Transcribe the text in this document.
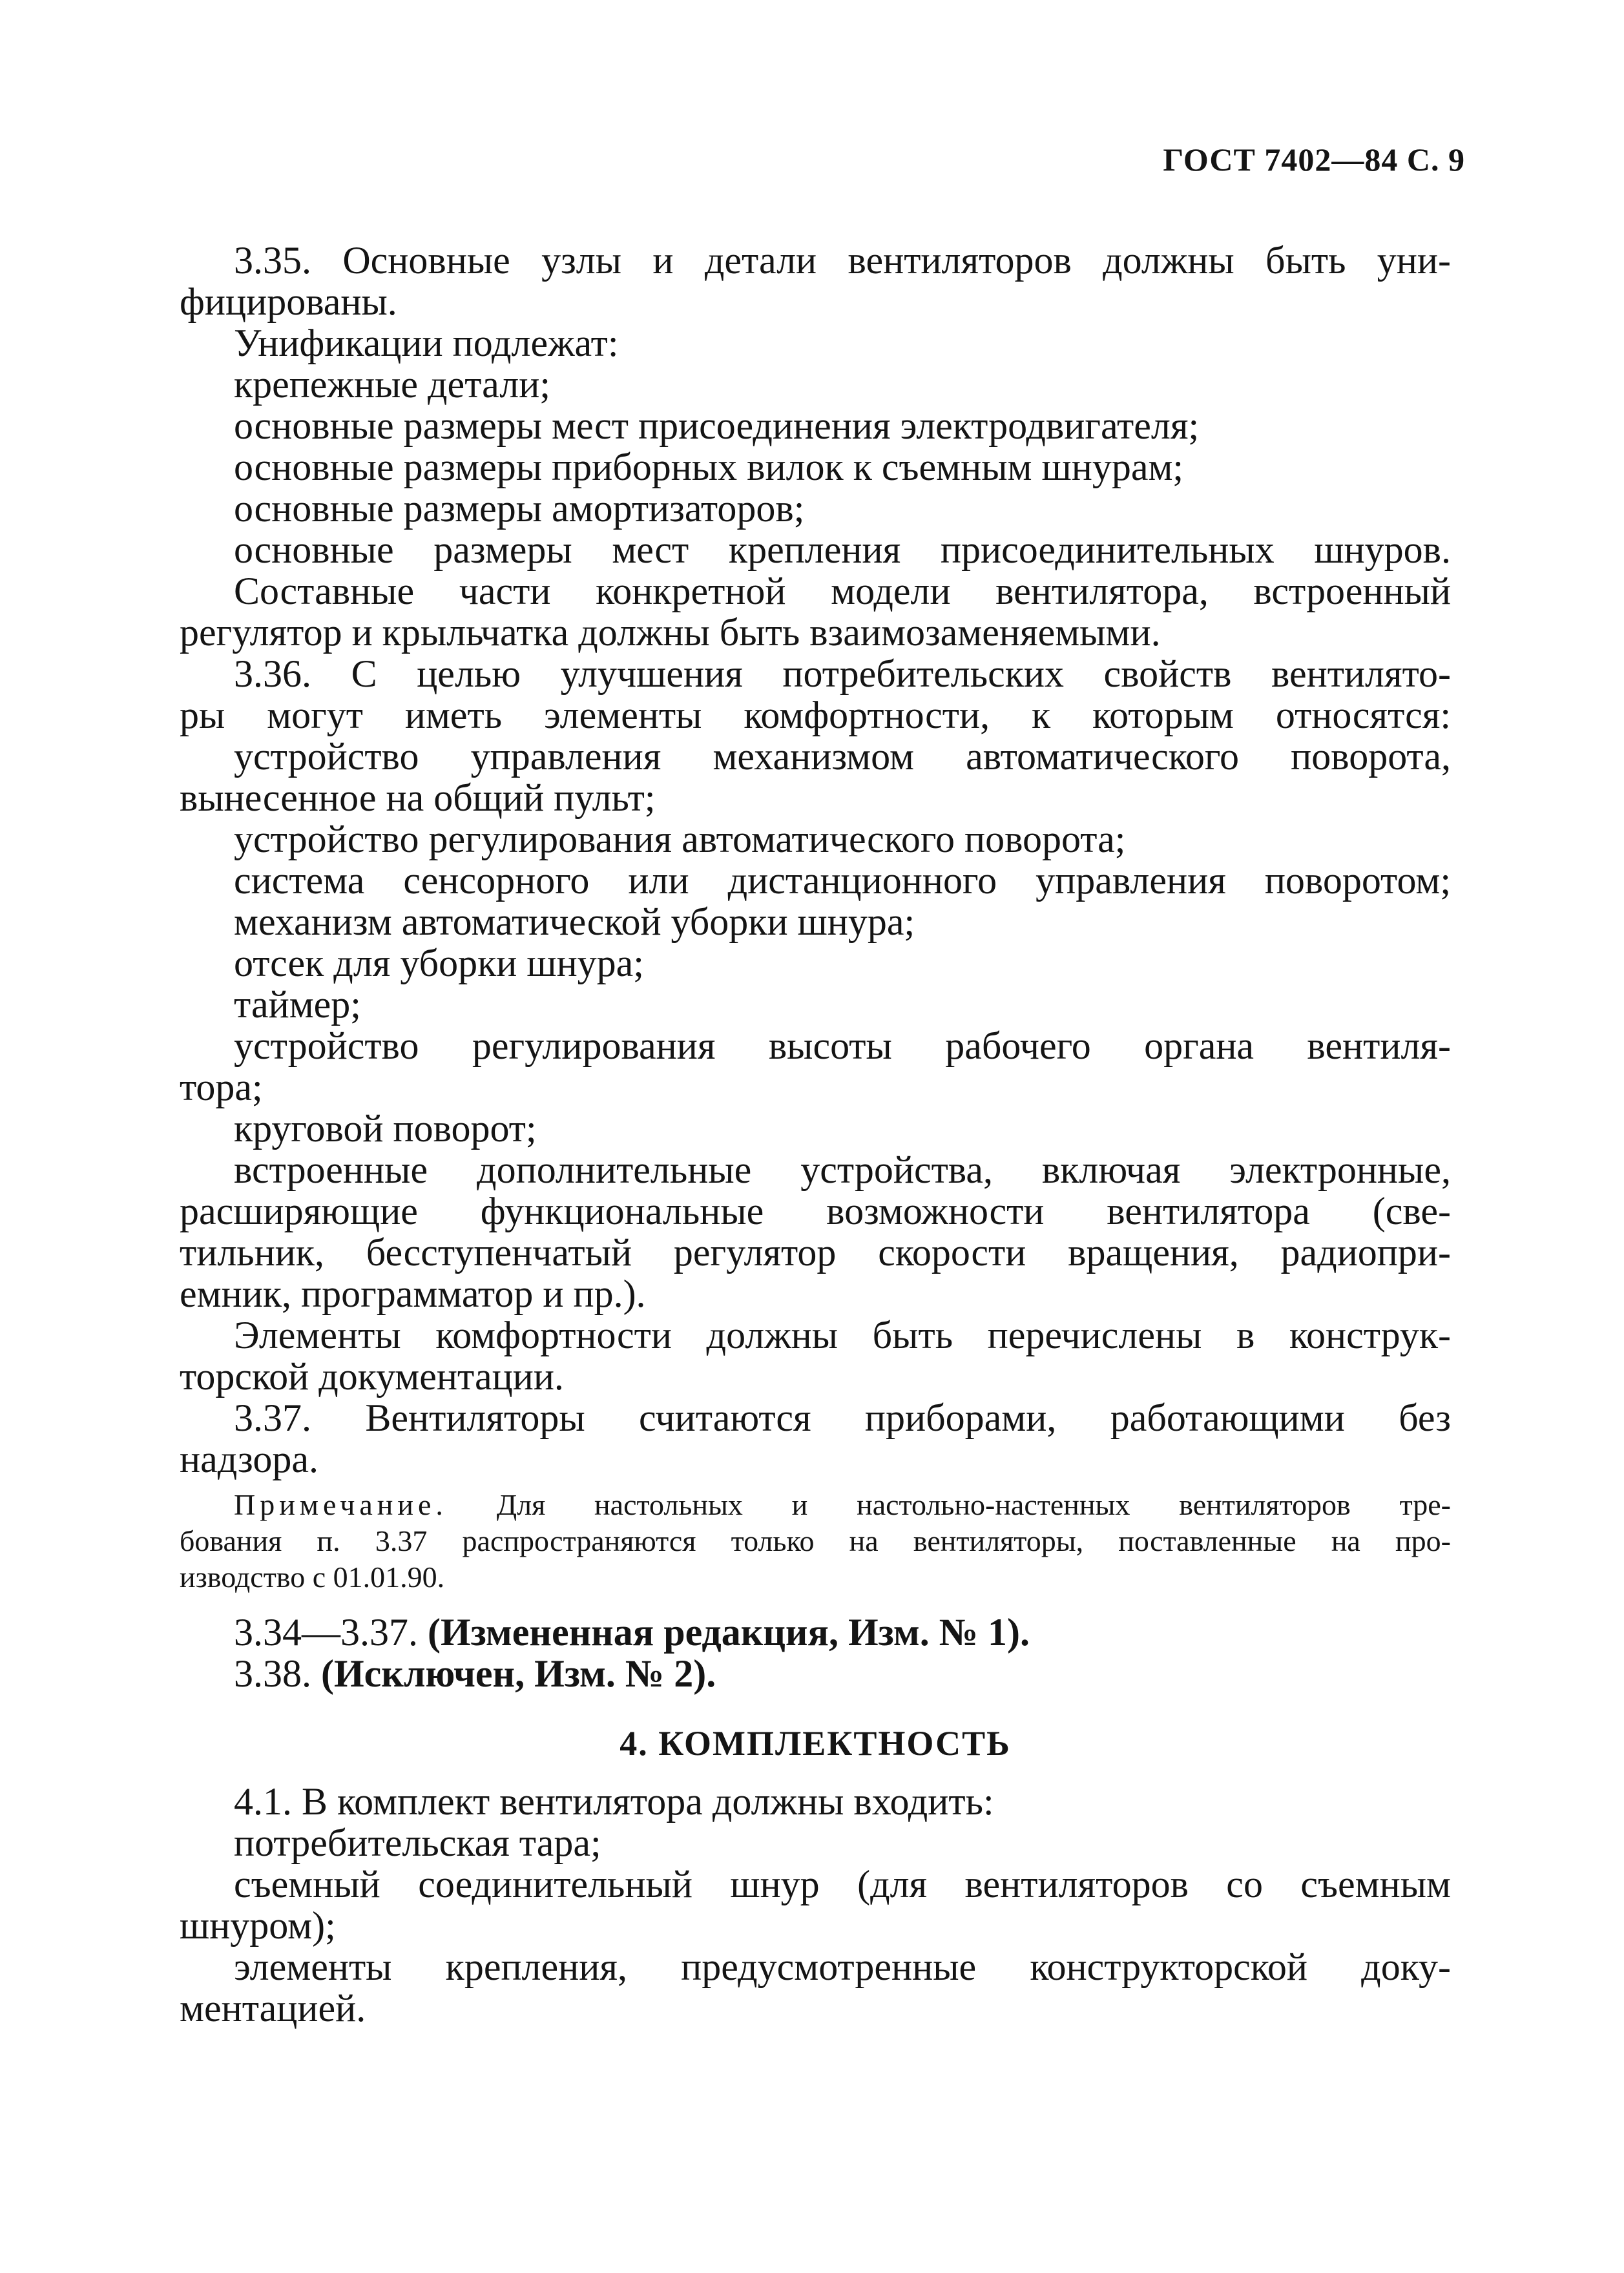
ГОСТ 7402—84 С. 9
3.35. Основные узлы и детали вентиляторов должны быть уни-
фицированы.
Унификации подлежат:
крепежные детали;
основные размеры мест присоединения электродвигателя;
основные размеры приборных вилок к съемным шнурам;
основные размеры амортизаторов;
основные размеры мест крепления присоединительных шнуров.
Составные части конкретной модели вентилятора, встроенный
регулятор и крыльчатка должны быть взаимозаменяемыми.
3.36. С целью улучшения потребительских свойств вентилято-
ры могут иметь элементы комфортности, к которым относятся:
устройство управления механизмом автоматического поворота,
вынесенное на общий пульт;
устройство регулирования автоматического поворота;
система сенсорного или дистанционного управления поворотом;
механизм автоматической уборки шнура;
отсек для уборки шнура;
таймер;
устройство регулирования высоты рабочего органа вентиля-
тора;
круговой поворот;
встроенные дополнительные устройства, включая электронные,
расширяющие функциональные возможности вентилятора (све-
тильник, бесступенчатый регулятор скорости вращения, радиопри-
емник, программатор и пр.).
Элементы комфортности должны быть перечислены в конструк-
торской документации.
3.37. Вентиляторы считаются приборами, работающими без
надзора.
Примечание. Для настольных и настольно-настенных вентиляторов тре-
бования п. 3.37 распространяются только на вентиляторы, поставленные на про-
изводство с 01.01.90.
3.34—3.37. (Измененная редакция, Изм. № 1).
3.38. (Исключен, Изм. № 2).
4. КОМПЛЕКТНОСТЬ
4.1. В комплект вентилятора должны входить:
потребительская тара;
съемный соединительный шнур (для вентиляторов со съемным
шнуром);
элементы крепления, предусмотренные конструкторской доку-
ментацией.
